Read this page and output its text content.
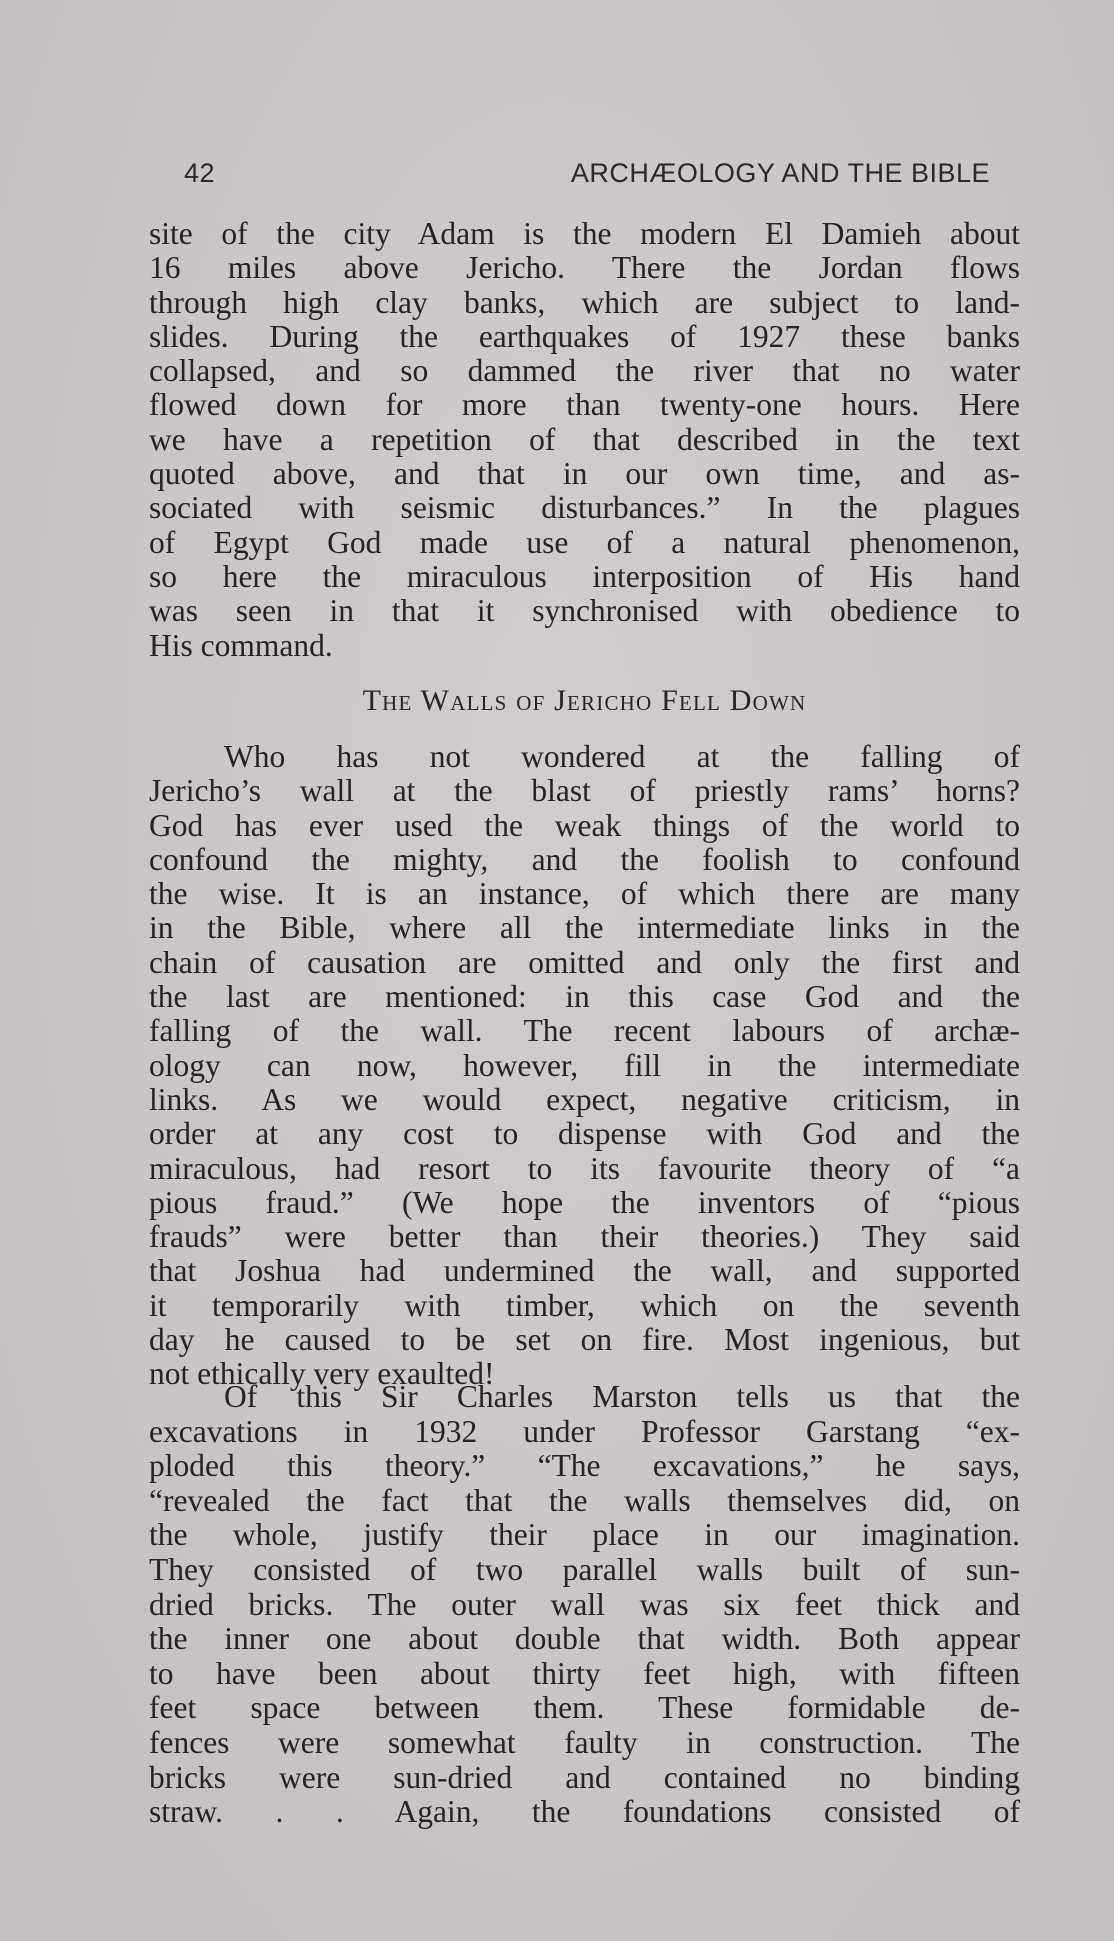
42	ARCHÆOLOGY AND THE BIBLE
site of the city Adam is the modern El Damieh about
16 miles above Jericho. There the Jordan flows
through high clay banks, which are subject to land-
slides. During the earthquakes of 1927 these banks
collapsed, and so dammed the river that no water
flowed down for more than twenty-one hours. Here
we have a repetition of that described in the text
quoted above, and that in our own time, and as-
sociated with seismic disturbances.” In the plagues
of Egypt God made use of a natural phenomenon,
so here the miraculous interposition of His hand
was seen in that it synchronised with obedience to
His command.
The Walls of Jericho Fell Down
Who has not wondered at the falling of
Jericho’s wall at the blast of priestly rams’ horns?
God has ever used the weak things of the world to
confound the mighty, and the foolish to confound
the wise. It is an instance, of which there are many
in the Bible, where all the intermediate links in the
chain of causation are omitted and only the first and
the last are mentioned: in this case God and the
falling of the wall. The recent labours of archæ-
ology can now, however, fill in the intermediate
links. As we would expect, negative criticism, in
order at any cost to dispense with God and the
miraculous, had resort to its favourite theory of “a
pious fraud.” (We hope the inventors of “pious
frauds” were better than their theories.) They said
that Joshua had undermined the wall, and supported
it temporarily with timber, which on the seventh
day he caused to be set on fire. Most ingenious, but
not ethically very exaulted!
Of this Sir Charles Marston tells us that the
excavations in 1932 under Professor Garstang “ex-
ploded this theory.” “The excavations,” he says,
“revealed the fact that the walls themselves did, on
the whole, justify their place in our imagination.
They consisted of two parallel walls built of sun-
dried bricks. The outer wall was six feet thick and
the inner one about double that width. Both appear
to have been about thirty feet high, with fifteen
feet space between them. These formidable de-
fences were somewhat faulty in construction. The
bricks were sun-dried and contained no binding
straw. . . Again, the foundations consisted of
